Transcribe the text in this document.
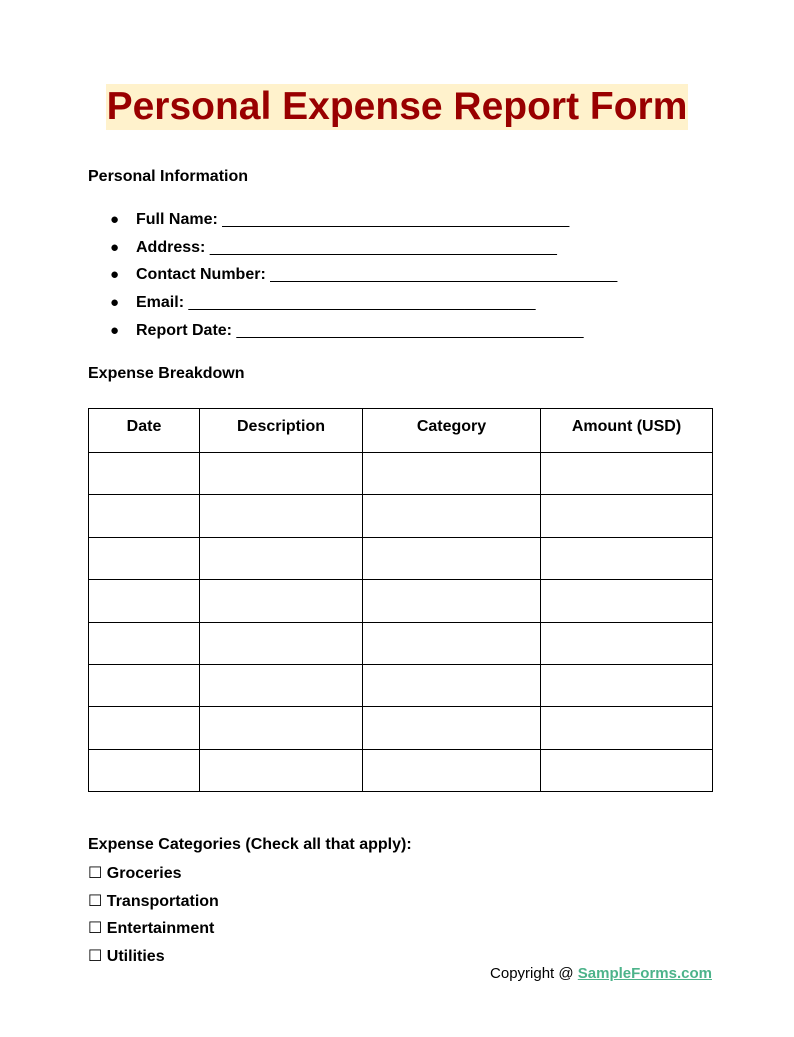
Personal Expense Report Form
Personal Information
● Full Name: _______________________________________
● Address: _______________________________________
● Contact Number: _______________________________________
● Email: _______________________________________
● Report Date: _______________________________________
Expense Breakdown
Date	Description	Category	Amount (USD)

Expense Categories (Check all that apply):
☐ Groceries
☐ Transportation
☐ Entertainment
☐ Utilities
Copyright @ SampleForms.com
